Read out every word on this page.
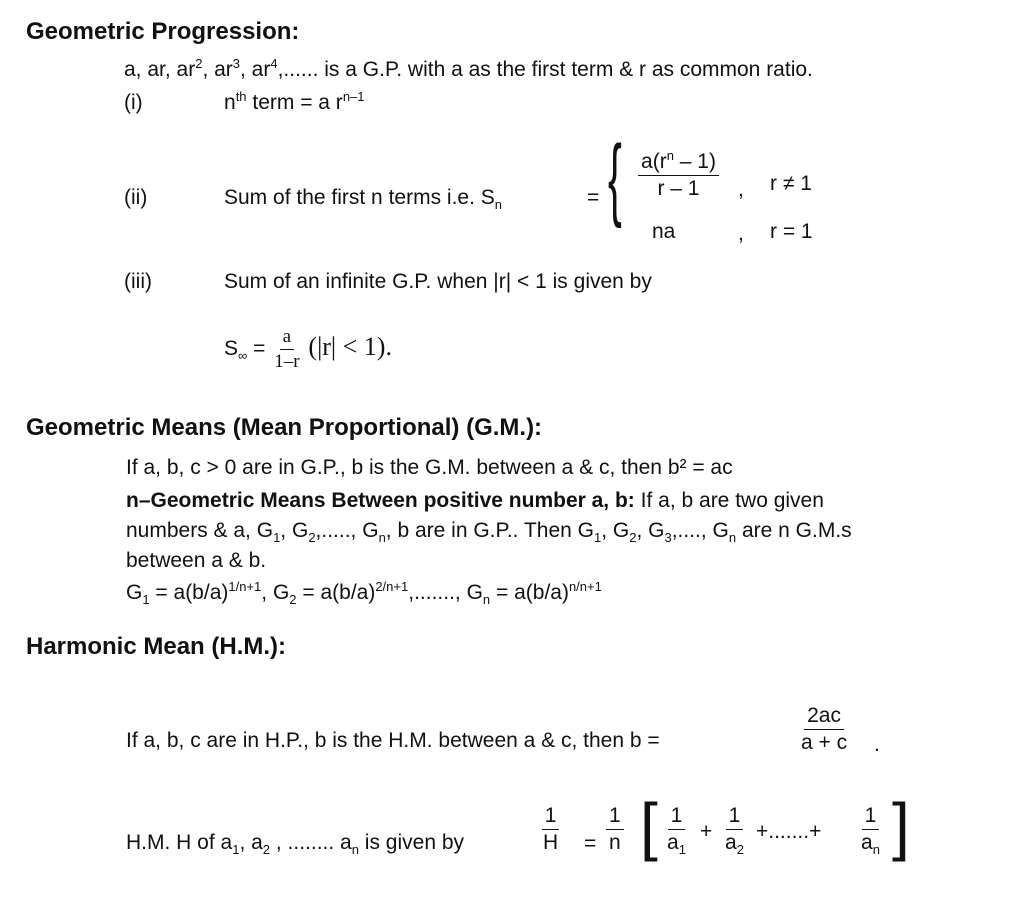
Geometric Progression:
a, ar, $ar^2$, $ar^3$, $ar^4$,...... is a G.P. with a as the first term & r as common ratio.
(i)	$n^{th}$ term = a $r^{n-1}$
(ii)	Sum of the first n terms i.e. $S_n$	= { $\frac{a(r^n - 1)}{r - 1}$ , r ≠ 1
na	, r = 1
(iii)	Sum of an infinite G.P. when |r| < 1 is given by
$S_\infty = \frac{a}{1-r} (|r| < 1)$.
Geometric Means (Mean Proportional) (G.M.):
If a, b, c > 0 are in G.P., b is the G.M. between a & c, then b² = ac
n–Geometric Means Between positive number a, b: If a, b are two given
numbers & a, $G_1$, $G_2$,....., $G_n$, b are in G.P.. Then $G_1$, $G_2$, $G_3$,...., $G_n$ are n G.M.s
between a & b.
$G_1 = a(b/a)^{1/n+1}$, $G_2 = a(b/a)^{2/n+1}$,......., $G_n = a(b/a)^{n/n+1}$
Harmonic Mean (H.M.):
If a, b, c are in H.P., b is the H.M. between a & c, then b =	$\frac{2ac}{a + c}$ .
H.M. H of $a_1$, $a_2$ , ........ $a_n$ is given by	$\frac{1}{H} = \frac{1}{n}$ [ $\frac{1}{a_1} + \frac{1}{a_2}$ +.......+ $\frac{1}{a_n}$ ]
